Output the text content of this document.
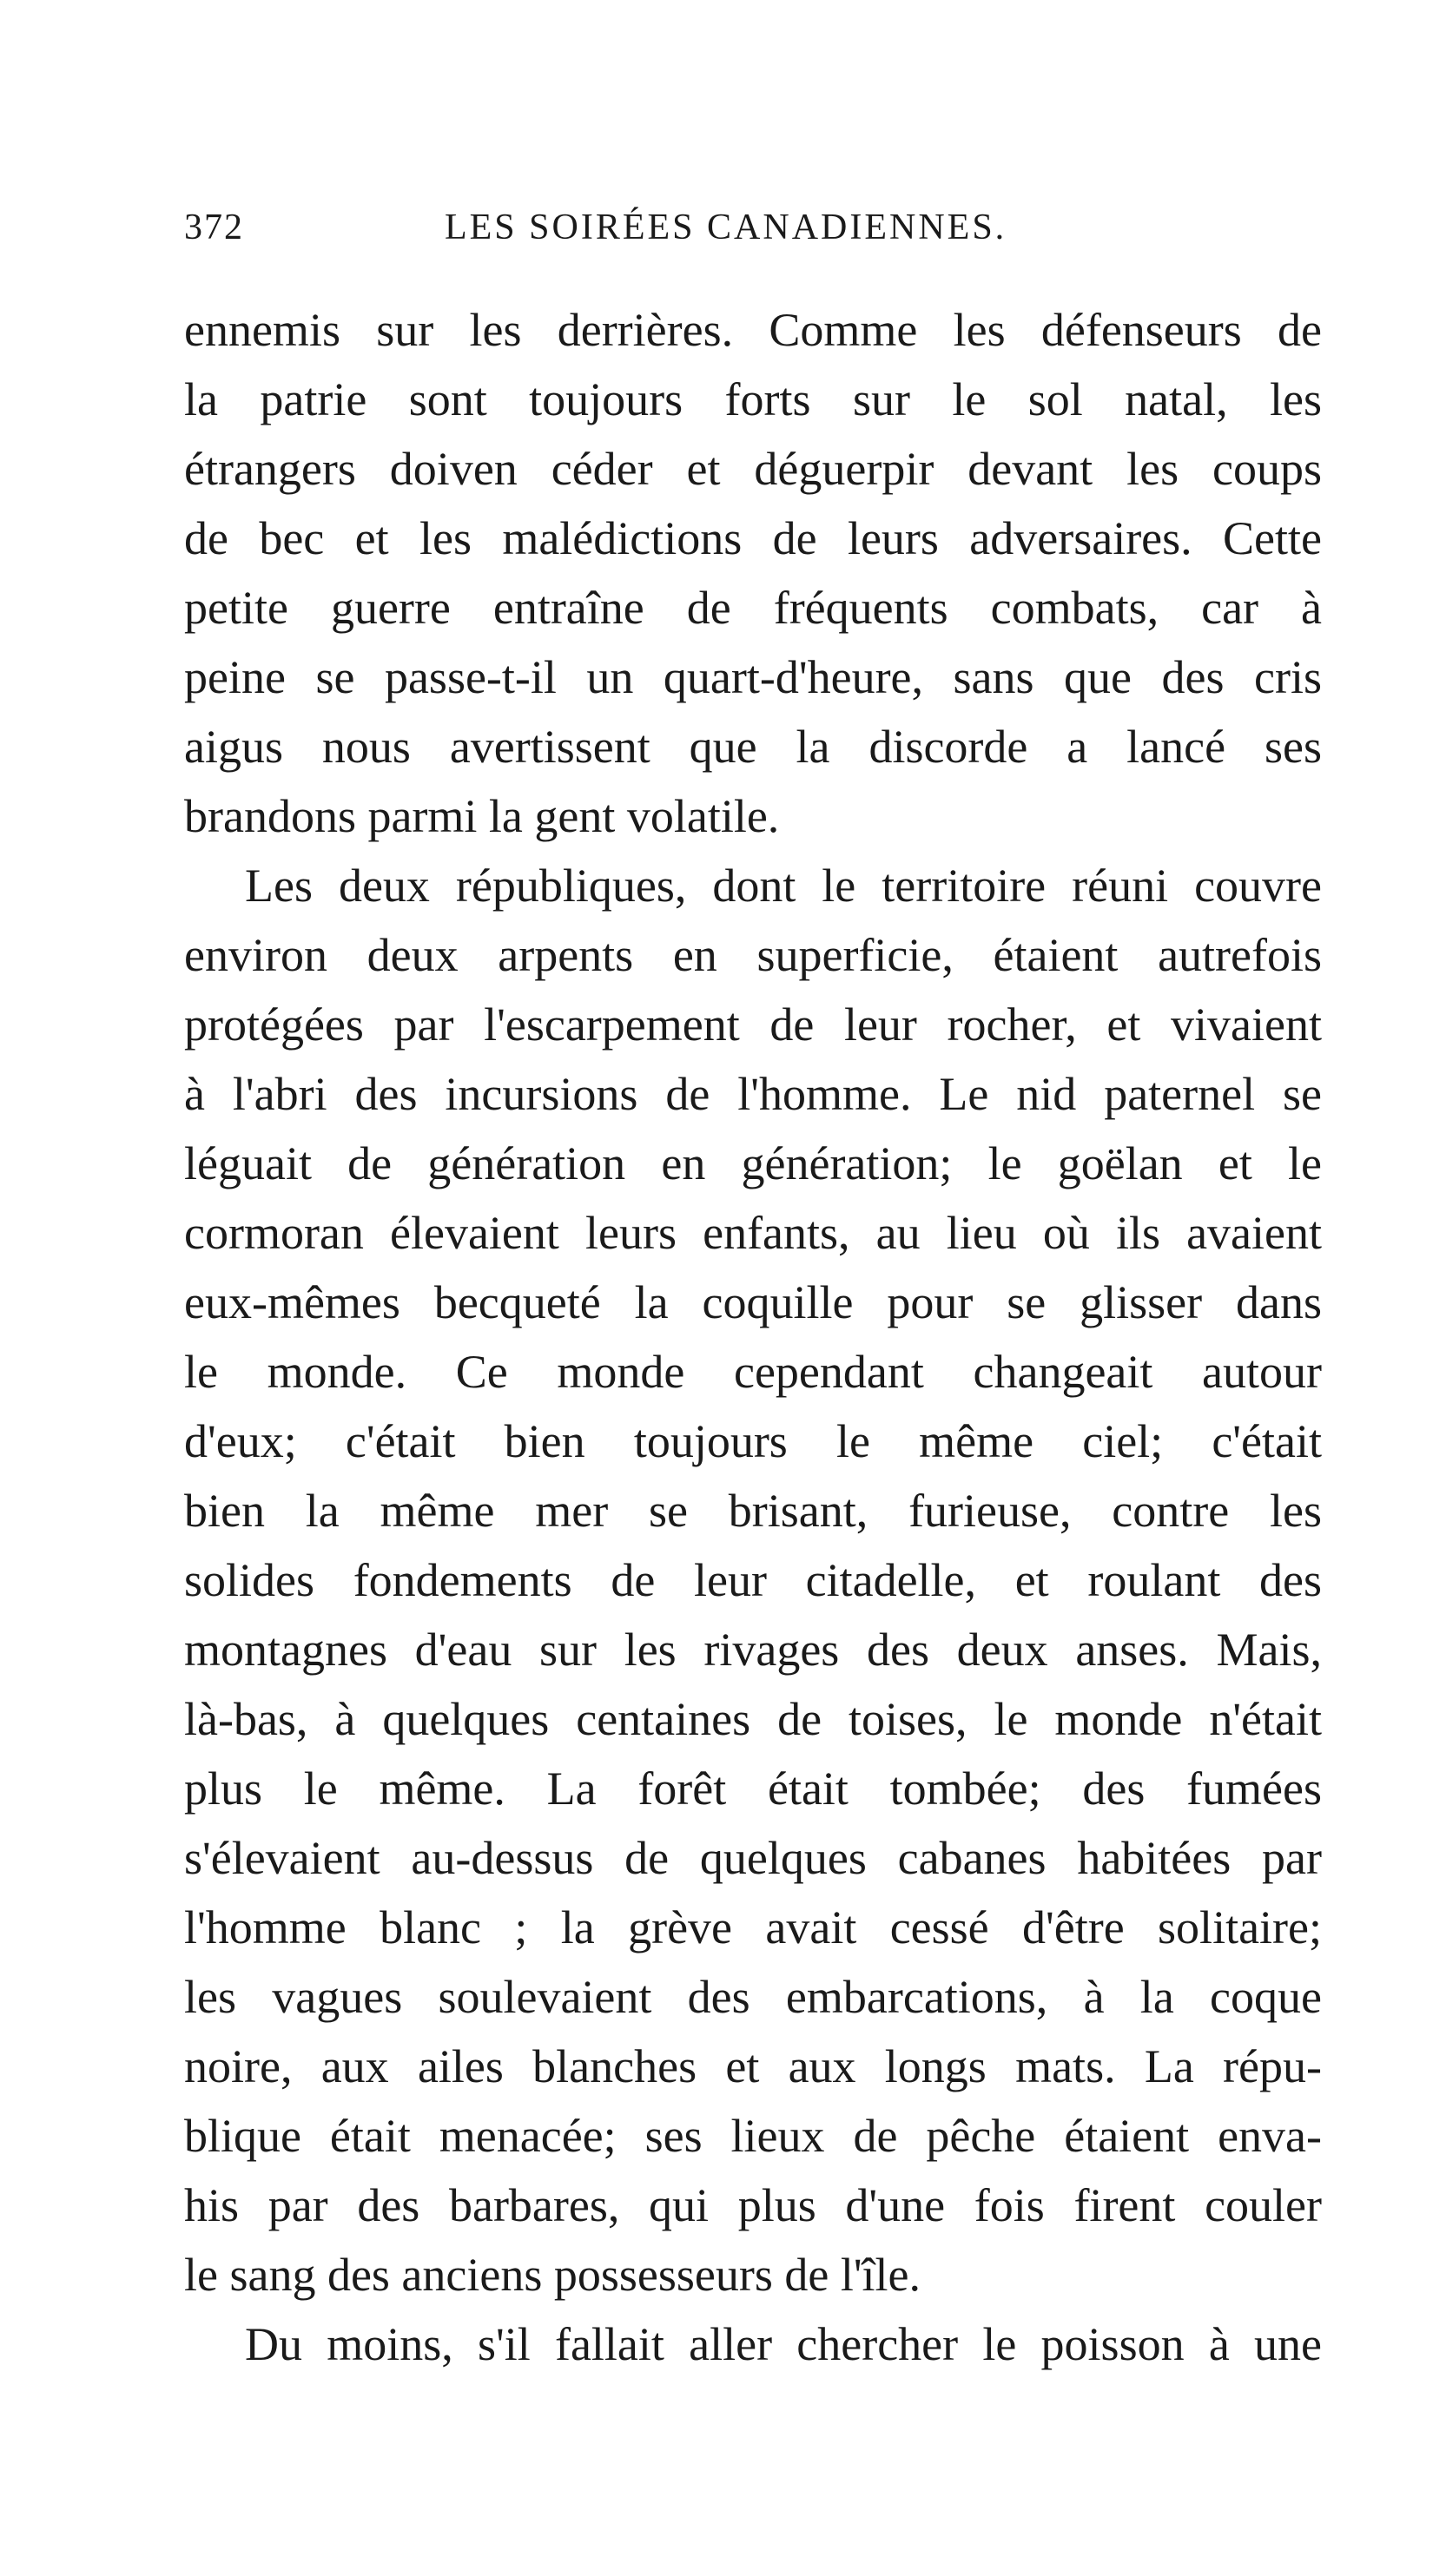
372	LES SOIRÉES CANADIENNES.
ennemis sur les derrières. Comme les défenseurs de
la patrie sont toujours forts sur le sol natal, les
étrangers doiven céder et déguerpir devant les coups
de bec et les malédictions de leurs adversaires. Cette
petite guerre entraîne de fréquents combats, car à
peine se passe-t-il un quart-d'heure, sans que des cris
aigus nous avertissent que la discorde a lancé ses
brandons parmi la gent volatile.
Les deux républiques, dont le territoire réuni couvre
environ deux arpents en superficie, étaient autrefois
protégées par l'escarpement de leur rocher, et vivaient
à l'abri des incursions de l'homme. Le nid paternel se
léguait de génération en génération; le goëlan et le
cormoran élevaient leurs enfants, au lieu où ils avaient
eux-mêmes becqueté la coquille pour se glisser dans
le monde. Ce monde cependant changeait autour
d'eux; c'était bien toujours le même ciel; c'était
bien la même mer se brisant, furieuse, contre les
solides fondements de leur citadelle, et roulant des
montagnes d'eau sur les rivages des deux anses. Mais,
là-bas, à quelques centaines de toises, le monde n'était
plus le même. La forêt était tombée; des fumées
s'élevaient au-dessus de quelques cabanes habitées par
l'homme blanc ; la grève avait cessé d'être solitaire;
les vagues soulevaient des embarcations, à la coque
noire, aux ailes blanches et aux longs mats. La répu-
blique était menacée; ses lieux de pêche étaient enva-
his par des barbares, qui plus d'une fois firent couler
le sang des anciens possesseurs de l'île.
Du moins, s'il fallait aller chercher le poisson à une
